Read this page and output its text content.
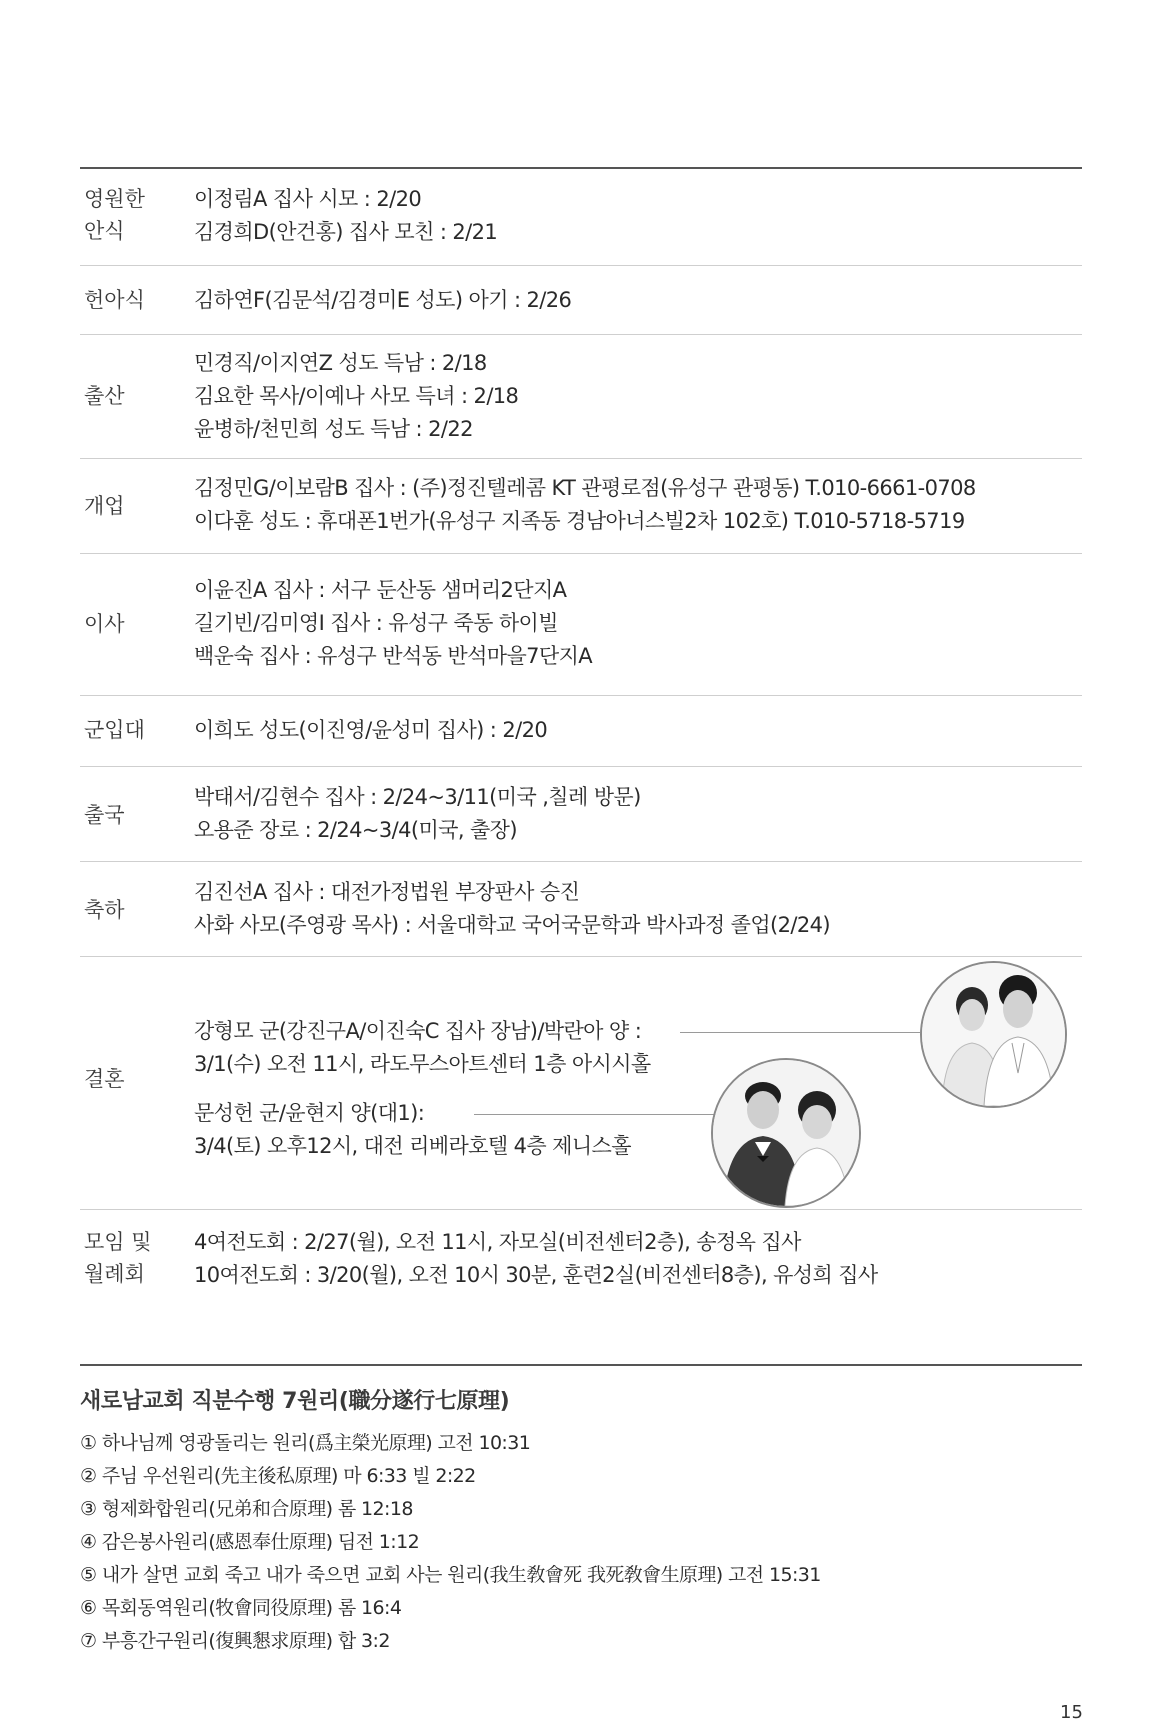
영원한
안식
이정림A 집사 시모 : 2/20
김경희D(안건홍) 집사 모친 : 2/21
헌아식 김하연F(김문석/김경미E 성도) 아기 : 2/26
출산
민경직/이지연Z 성도 득남 : 2/18
김요한 목사/이예나 사모 득녀 : 2/18
윤병하/천민희 성도 득남 : 2/22
개업
김정민G/이보람B 집사 : (주)정진텔레콤 KT 관평로점(유성구 관평동) T.010-6661-0708
이다훈 성도 : 휴대폰1번가(유성구 지족동 경남아너스빌2차 102호) T.010-5718-5719
이사
이윤진A 집사 : 서구 둔산동 샘머리2단지A
길기빈/김미영I 집사 : 유성구 죽동 하이빌
백운숙 집사 : 유성구 반석동 반석마을7단지A
군입대 이희도 성도(이진영/윤성미 집사) : 2/20
출국
박태서/김현수 집사 : 2/24~3/11(미국 ,칠레 방문)
오용준 장로 : 2/24~3/4(미국, 출장)
축하
김진선A 집사 : 대전가정법원 부장판사 승진
사화 사모(주영광 목사) : 서울대학교 국어국문학과 박사과정 졸업(2/24)
결혼
강형모 군(강진구A/이진숙C 집사 장남)/박란아 양 :
3/1(수) 오전 11시, 라도무스아트센터 1층 아시시홀
문성헌 군/윤현지 양(대1):
3/4(토) 오후12시, 대전 리베라호텔 4층 제니스홀
모임 및
월례회
4여전도회 : 2/27(월), 오전 11시, 자모실(비전센터2층), 송정옥 집사
10여전도회 : 3/20(월), 오전 10시 30분, 훈련2실(비전센터8층), 유성희 집사
새로남교회 직분수행 7원리(職分遂行七原理)
① 하나님께 영광돌리는 원리(爲主榮光原理) 고전 10:31
② 주님 우선원리(先主後私原理) 마 6:33 빌 2:22
③ 형제화합원리(兄弟和合原理) 롬 12:18
④ 감은봉사원리(感恩奉仕原理) 딤전 1:12
⑤ 내가 살면 교회 죽고 내가 죽으면 교회 사는 원리(我生敎會死 我死敎會生原理) 고전 15:31
⑥ 목회동역원리(牧會同役原理) 롬 16:4
⑦ 부흥간구원리(復興懇求原理) 합 3:2
15
